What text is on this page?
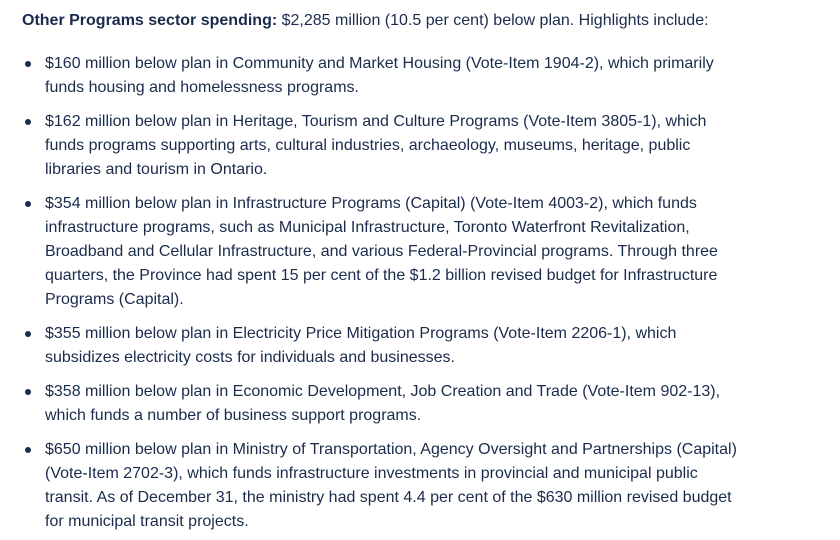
Other Programs sector spending: $2,285 million (10.5 per cent) below plan. Highlights include:

$160 million below plan in Community and Market Housing (Vote-Item 1904-2), which primarily
funds housing and homelessness programs.
$162 million below plan in Heritage, Tourism and Culture Programs (Vote-Item 3805-1), which
funds programs supporting arts, cultural industries, archaeology, museums, heritage, public
libraries and tourism in Ontario.
$354 million below plan in Infrastructure Programs (Capital) (Vote-Item 4003-2), which funds
infrastructure programs, such as Municipal Infrastructure, Toronto Waterfront Revitalization,
Broadband and Cellular Infrastructure, and various Federal-Provincial programs. Through three
quarters, the Province had spent 15 per cent of the $1.2 billion revised budget for Infrastructure
Programs (Capital).
$355 million below plan in Electricity Price Mitigation Programs (Vote-Item 2206-1), which
subsidizes electricity costs for individuals and businesses.
$358 million below plan in Economic Development, Job Creation and Trade (Vote-Item 902-13),
which funds a number of business support programs.
$650 million below plan in Ministry of Transportation, Agency Oversight and Partnerships (Capital)
(Vote-Item 2702-3), which funds infrastructure investments in provincial and municipal public
transit. As of December 31, the ministry had spent 4.4 per cent of the $630 million revised budget
for municipal transit projects.
